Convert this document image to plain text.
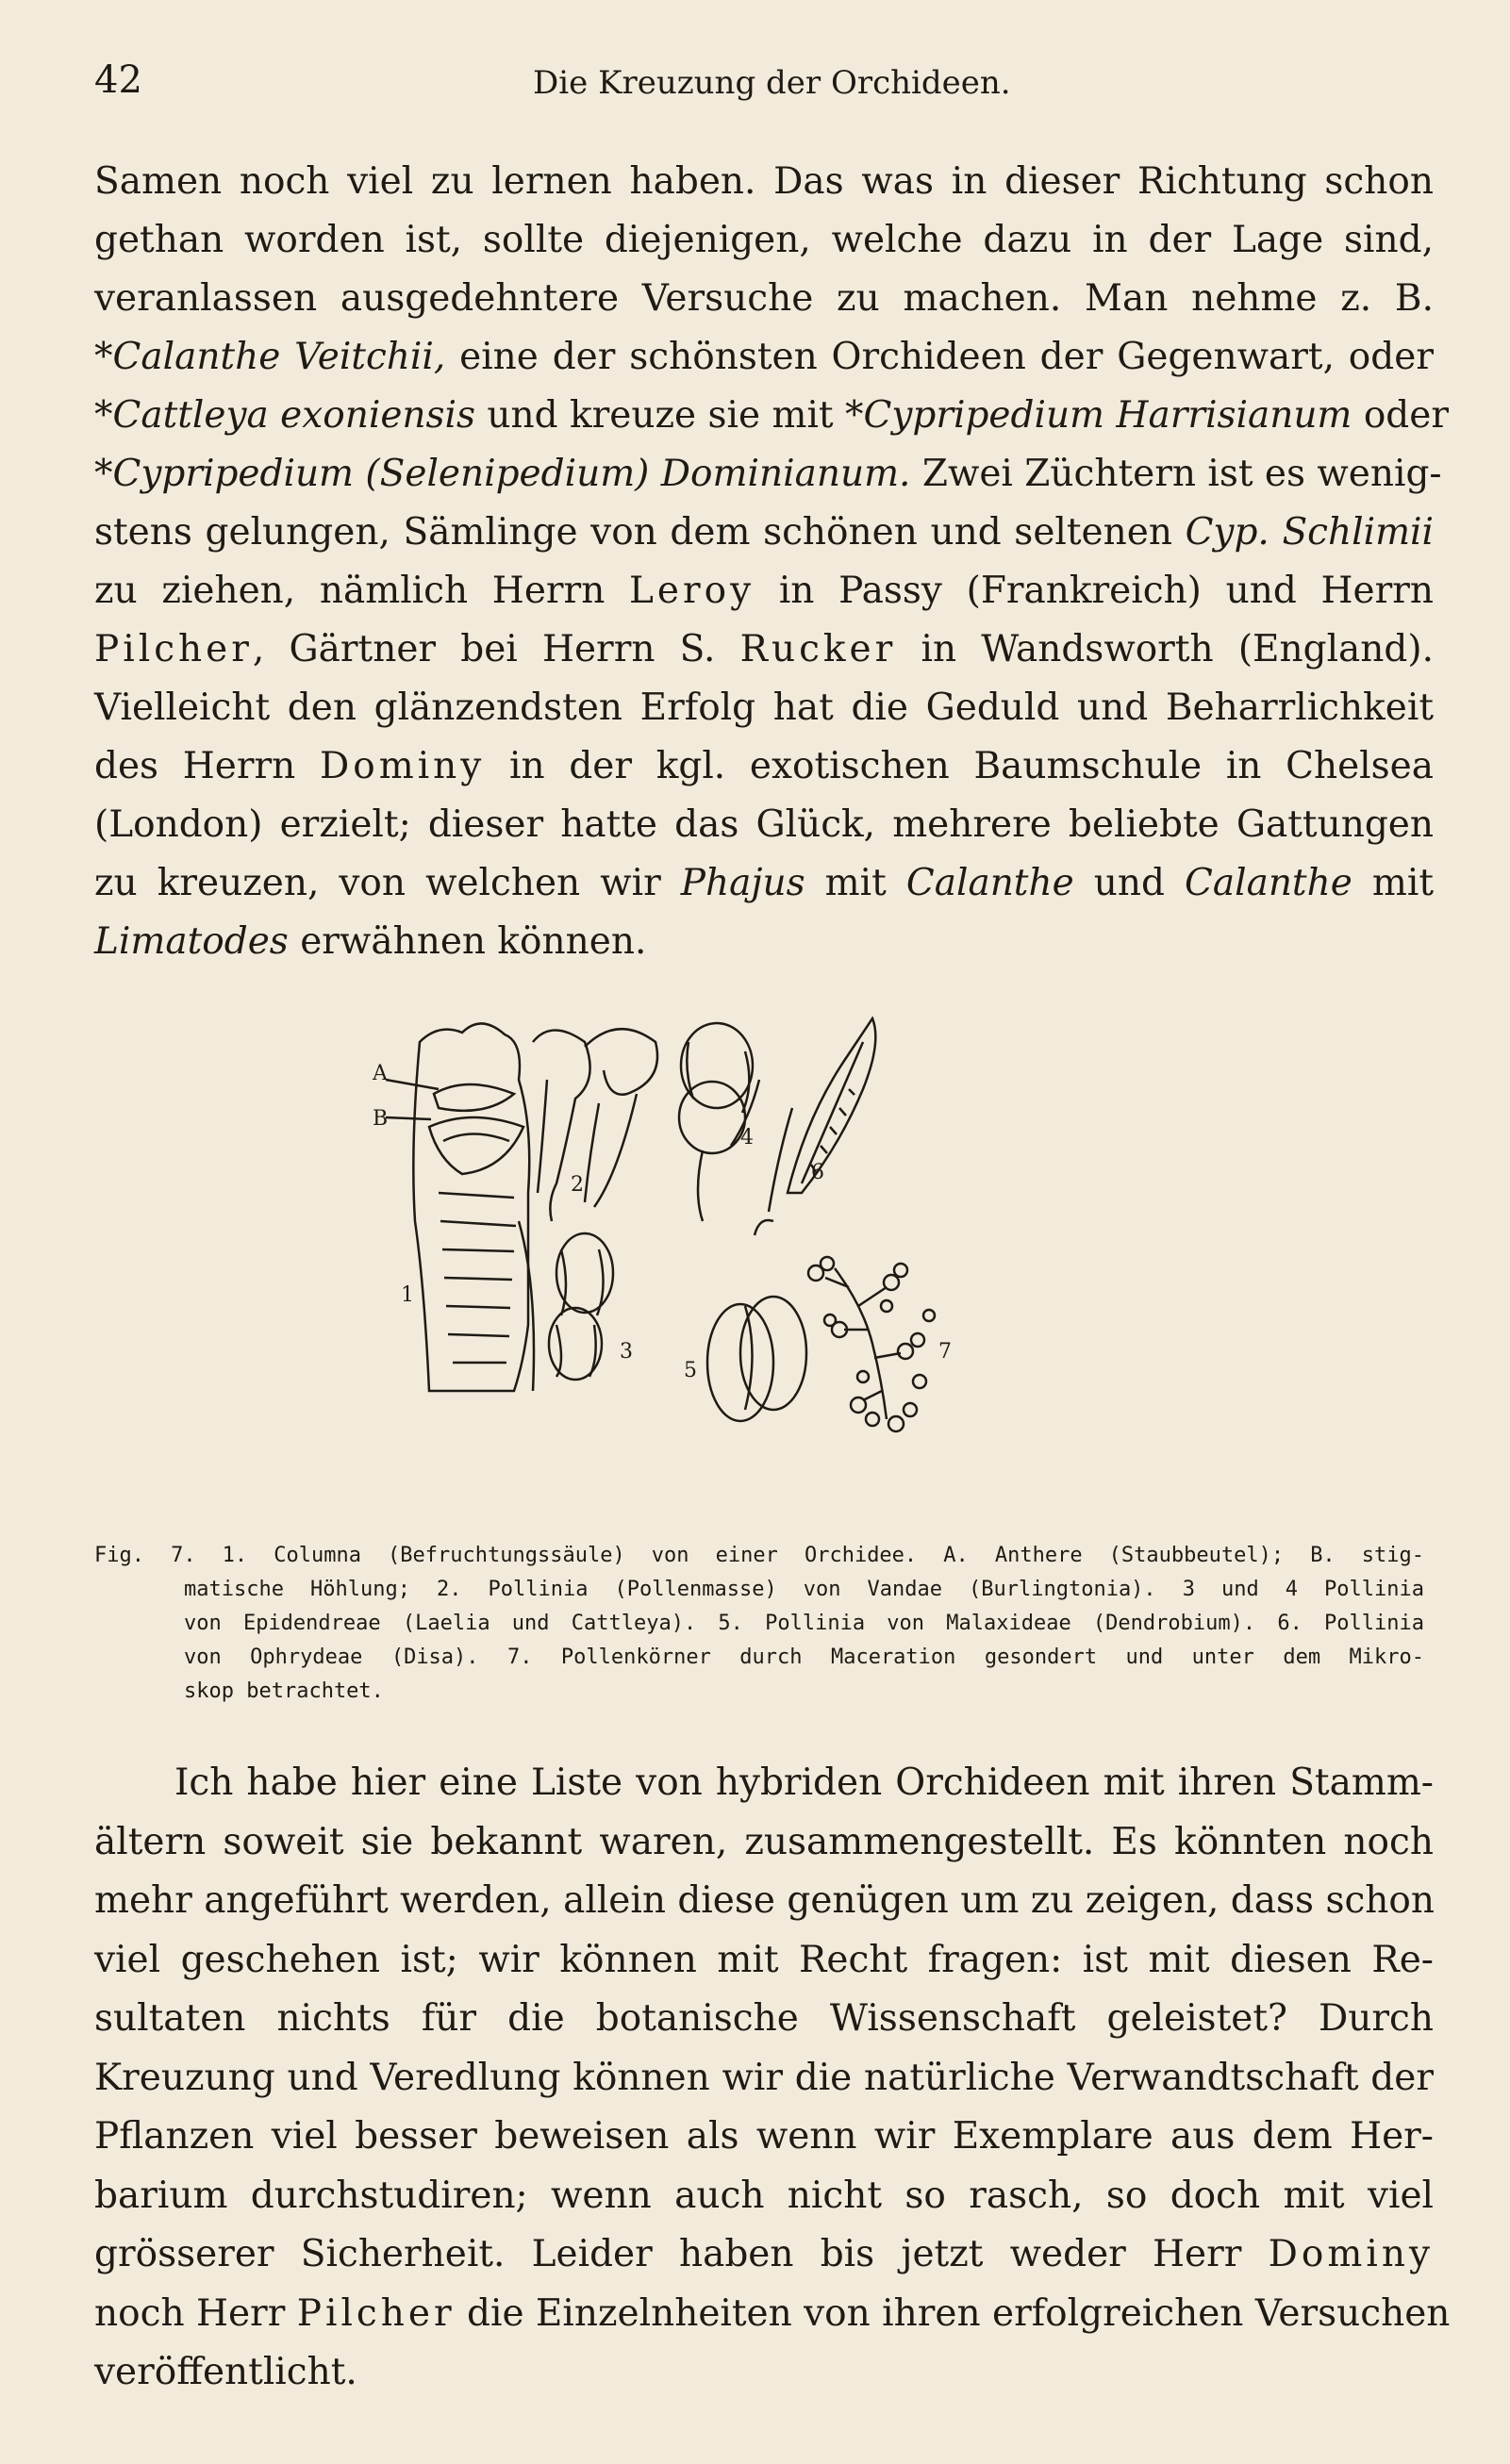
42	Die Kreuzung der Orchideen.
Samen noch viel zu lernen haben. Das was in dieser Richtung schon
gethan worden ist, sollte diejenigen, welche dazu in der Lage sind,
veranlassen ausgedehntere Versuche zu machen. Man nehme z. B.
*Calanthe Veitchii, eine der schönsten Orchideen der Gegenwart, oder
*Cattleya exoniensis und kreuze sie mit *Cypripedium Harrisianum oder
*Cypripedium (Selenipedium) Dominianum. Zwei Züchtern ist es wenig-
stens gelungen, Sämlinge von dem schönen und seltenen Cyp. Schlimii
zu ziehen, nämlich Herrn Leroy in Passy (Frankreich) und Herrn
Pilcher, Gärtner bei Herrn S. Rucker in Wandsworth (England).
Vielleicht den glänzendsten Erfolg hat die Geduld und Beharrlichkeit
des Herrn Dominy in der kgl. exotischen Baumschule in Chelsea
(London) erzielt; dieser hatte das Glück, mehrere beliebte Gattungen
zu kreuzen, von welchen wir Phajus mit Calanthe und Calanthe mit
Limatodes erwähnen können.
A
B
1
2
3
4
5
6
7
Fig. 7. 1. Columna (Befruchtungssäule) von einer Orchidee. A. Anthere (Staubbeutel); B. stig-
matische Höhlung; 2. Pollinia (Pollenmasse) von Vandae (Burlingtonia). 3 und 4 Pollinia
von Epidendreae (Laelia und Cattleya). 5. Pollinia von Malaxideae (Dendrobium). 6. Pollinia
von Ophrydeae (Disa). 7. Pollenkörner durch Maceration gesondert und unter dem Mikro-
skop betrachtet.
Ich habe hier eine Liste von hybriden Orchideen mit ihren Stamm-
ältern soweit sie bekannt waren, zusammengestellt. Es könnten noch
mehr angeführt werden, allein diese genügen um zu zeigen, dass schon
viel geschehen ist; wir können mit Recht fragen: ist mit diesen Re-
sultaten nichts für die botanische Wissenschaft geleistet? Durch
Kreuzung und Veredlung können wir die natürliche Verwandtschaft der
Pflanzen viel besser beweisen als wenn wir Exemplare aus dem Her-
barium durchstudiren; wenn auch nicht so rasch, so doch mit viel
grösserer Sicherheit. Leider haben bis jetzt weder Herr Dominy
noch Herr Pilcher die Einzelnheiten von ihren erfolgreichen Versuchen
veröffentlicht.
